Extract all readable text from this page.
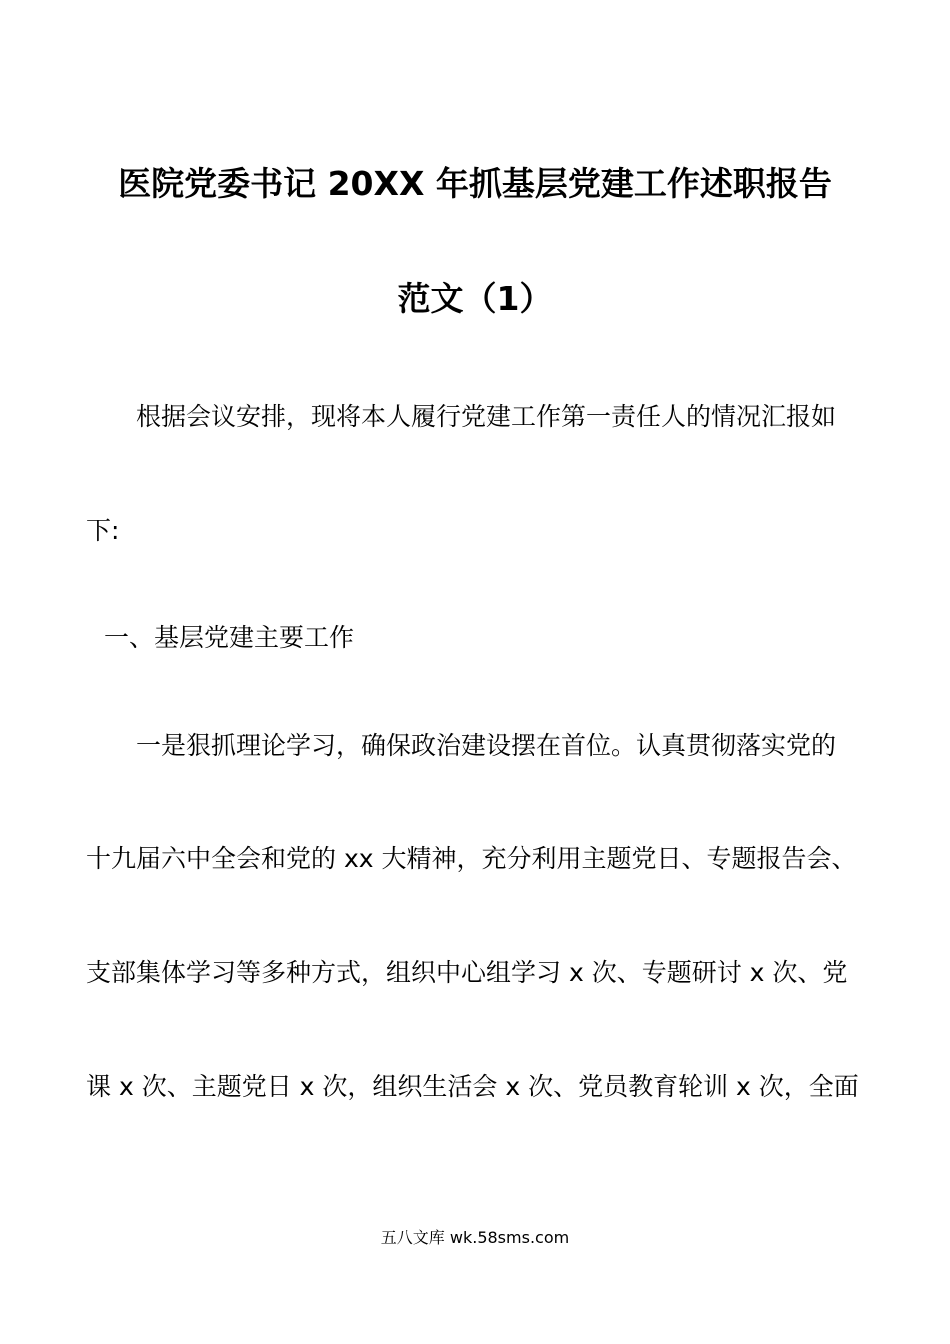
医院党委书记 20XX 年抓基层党建工作述职报告
范文（1）
根据会议安排，现将本人履行党建工作第一责任人的情况汇报如
下:
一、基层党建主要工作
一是狠抓理论学习，确保政治建设摆在首位。认真贯彻落实党的
十九届六中全会和党的 xx 大精神，充分利用主题党日、专题报告会、
支部集体学习等多种方式，组织中心组学习 x 次、专题研讨 x 次、党
课 x 次、主题党日 x 次，组织生活会 x 次、党员教育轮训 x 次，全面
五八文库 wk.58sms.com
